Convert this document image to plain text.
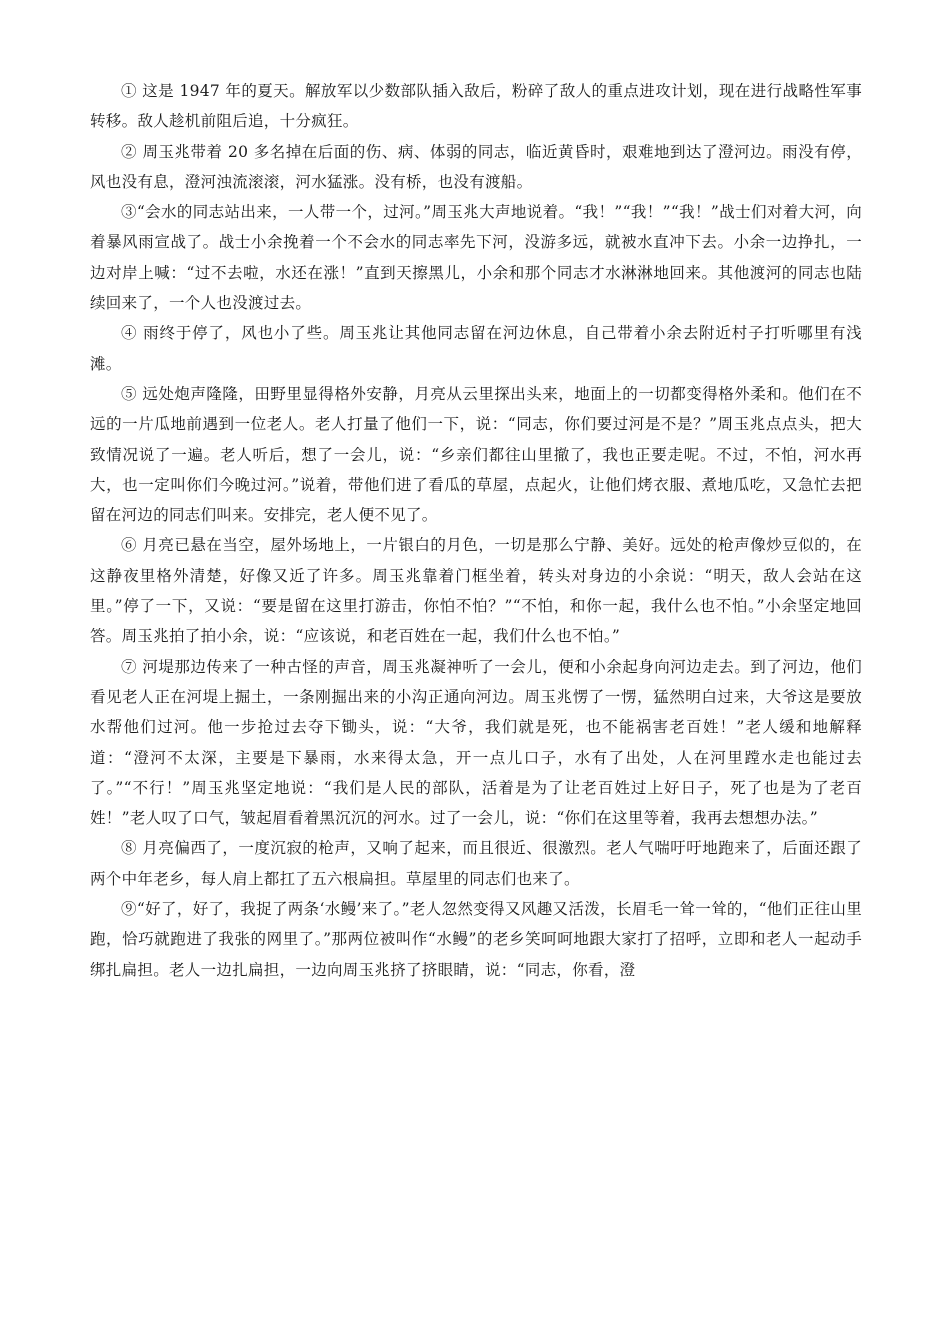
① 这是 1947 年的夏天。解放军以少数部队插入敌后，粉碎了敌人的重点进攻计划，现在进行战略性军事转移。敌人趁机前阻后追，十分疯狂。

② 周玉兆带着 20 多名掉在后面的伤、病、体弱的同志，临近黄昏时，艰难地到达了澄河边。雨没有停，风也没有息，澄河浊流滚滚，河水猛涨。没有桥，也没有渡船。

③“会水的同志站出来，一人带一个，过河。”周玉兆大声地说着。“我！”“我！”“我！”战士们对着大河，向着暴风雨宣战了。战士小余挽着一个不会水的同志率先下河，没游多远，就被水直冲下去。小余一边挣扎，一边对岸上喊：“过不去啦，水还在涨！”直到天擦黑儿，小余和那个同志才水淋淋地回来。其他渡河的同志也陆续回来了，一个人也没渡过去。

④ 雨终于停了，风也小了些。周玉兆让其他同志留在河边休息，自己带着小余去附近村子打听哪里有浅滩。

⑤ 远处炮声隆隆，田野里显得格外安静，月亮从云里探出头来，地面上的一切都变得格外柔和。他们在不远的一片瓜地前遇到一位老人。老人打量了他们一下，说：“同志，你们要过河是不是？”周玉兆点点头，把大致情况说了一遍。老人听后，想了一会儿，说：“乡亲们都往山里撤了，我也正要走呢。不过，不怕，河水再大，也一定叫你们今晚过河。”说着，带他们进了看瓜的草屋，点起火，让他们烤衣服、煮地瓜吃，又急忙去把留在河边的同志们叫来。安排完，老人便不见了。

⑥ 月亮已悬在当空，屋外场地上，一片银白的月色，一切是那么宁静、美好。远处的枪声像炒豆似的，在这静夜里格外清楚，好像又近了许多。周玉兆靠着门框坐着，转头对身边的小余说：“明天，敌人会站在这里。”停了一下，又说：“要是留在这里打游击，你怕不怕？”“不怕，和你一起，我什么也不怕。”小余坚定地回答。周玉兆拍了拍小余，说：“应该说，和老百姓在一起，我们什么也不怕。”

⑦ 河堤那边传来了一种古怪的声音，周玉兆凝神听了一会儿，便和小余起身向河边走去。到了河边，他们看见老人正在河堤上掘土，一条刚掘出来的小沟正通向河边。周玉兆愣了一愣，猛然明白过来，大爷这是要放水帮他们过河。他一步抢过去夺下锄头，说：“大爷，我们就是死，也不能祸害老百姓！”老人缓和地解释道：“澄河不太深，主要是下暴雨，水来得太急，开一点儿口子，水有了出处，人在河里蹚水走也能过去了。”“不行！”周玉兆坚定地说：“我们是人民的部队，活着是为了让老百姓过上好日子，死了也是为了老百姓！”老人叹了口气，皱起眉看着黑沉沉的河水。过了一会儿，说：“你们在这里等着，我再去想想办法。”

⑧ 月亮偏西了，一度沉寂的枪声，又响了起来，而且很近、很激烈。老人气喘吁吁地跑来了，后面还跟了两个中年老乡，每人肩上都扛了五六根扁担。草屋里的同志们也来了。

⑨“好了，好了，我捉了两条‘水鳗’来了。”老人忽然变得又风趣又活泼，长眉毛一耸一耸的，“他们正往山里跑，恰巧就跑进了我张的网里了。”那两位被叫作“水鳗”的老乡笑呵呵地跟大家打了招呼，立即和老人一起动手绑扎扁担。老人一边扎扁担，一边向周玉兆挤了挤眼睛，说：“同志，你看，澄
